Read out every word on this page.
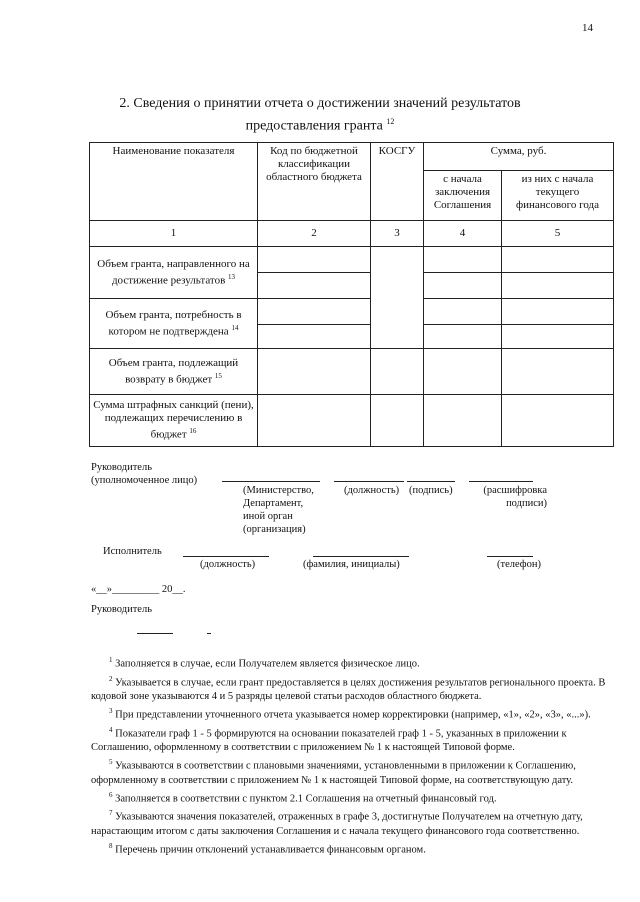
14
2. Сведения о принятии отчета о достижении значений результатов
предоставления гранта $^{12}$
Наименование показателя	Код по бюджетной классификации областного бюджета	КОСГУ	Сумма, руб.	
			с начала заключения Соглашения	из них с начала текущего финансового года
1	2	3	4	5
Объем гранта, направленного на достижение результатов $^{13}$				

Объем гранта, потребность в котором не подтверждена $^{14}$			

Объем гранта, подлежащий возврату в бюджет $^{15}$				
Сумма штрафных санкций (пени), подлежащих перечислению в бюджет $^{16}$				
Руководитель
(уполномоченное лицо)
(Министерство, Департамент, иной орган (организация)
(должность) (подпись)	(расшифровка подписи)
Исполнитель
(должность)	(фамилия, инициалы)	(телефон)
«__»_________ 20__.
Руководитель
$^1$ Заполняется в случае, если Получателем является физическое лицо.
$^2$ Указывается в случае, если грант предоставляется в целях достижения результатов регионального проекта. В кодовой зоне указываются 4 и 5 разряды целевой статьи расходов областного бюджета.
$^3$ При представлении уточненного отчета указывается номер корректировки (например, «1», «2», «3», «...»).
$^4$ Показатели граф 1 - 5 формируются на основании показателей граф 1 - 5, указанных в приложении к Соглашению, оформленному в соответствии с приложением № 1 к настоящей Типовой форме.
$^5$ Указываются в соответствии с плановыми значениями, установленными в приложении к Соглашению, оформленному в соответствии с приложением № 1 к настоящей Типовой форме, на соответствующую дату.
$^6$ Заполняется в соответствии с пунктом 2.1 Соглашения на отчетный финансовый год.
$^7$ Указываются значения показателей, отраженных в графе 3, достигнутые Получателем на отчетную дату, нарастающим итогом с даты заключения Соглашения и с начала текущего финансового года соответственно.
$^8$ Перечень причин отклонений устанавливается финансовым органом.
